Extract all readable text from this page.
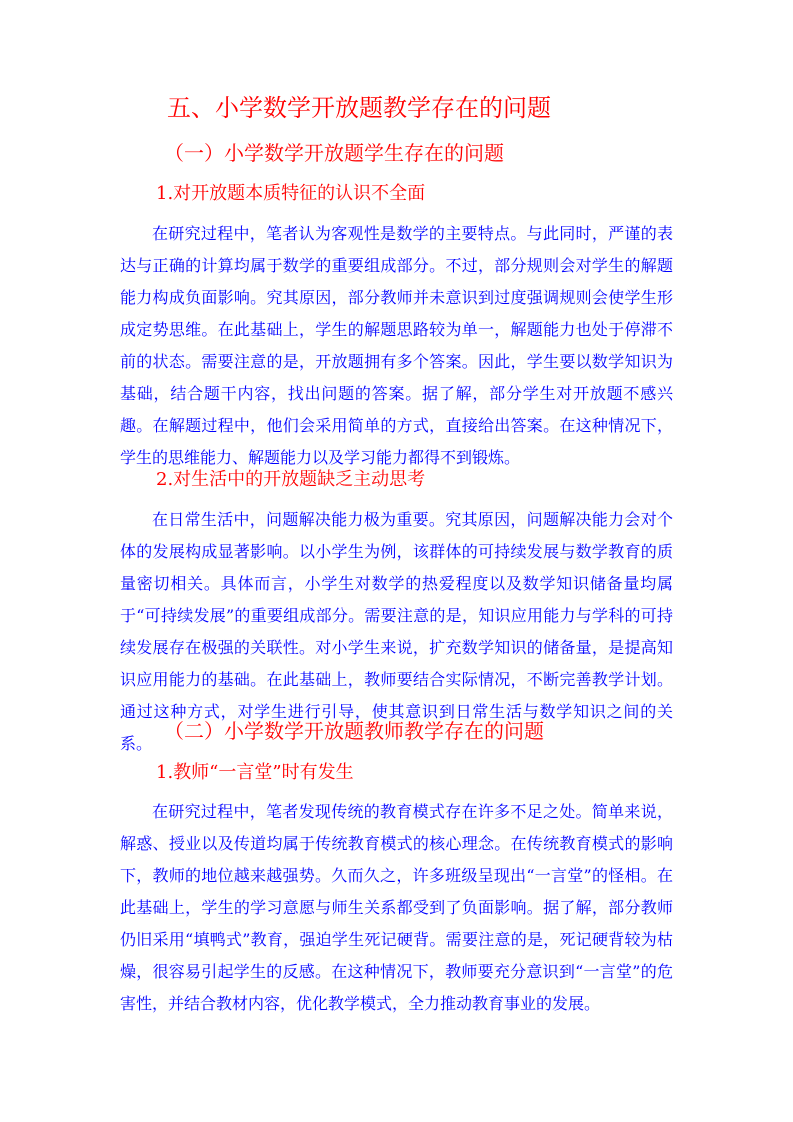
五、小学数学开放题教学存在的问题
（一）小学数学开放题学生存在的问题
1.对开放题本质特征的认识不全面

在研究过程中，笔者认为客观性是数学的主要特点。与此同时，严谨的表达与正确的计算均属于数学的重要组成部分。不过，部分规则会对学生的解题能力构成负面影响。究其原因，部分教师并未意识到过度强调规则会使学生形成定势思维。在此基础上，学生的解题思路较为单一，解题能力也处于停滞不前的状态。需要注意的是，开放题拥有多个答案。因此，学生要以数学知识为基础，结合题干内容，找出问题的答案。据了解，部分学生对开放题不感兴趣。在解题过程中，他们会采用简单的方式，直接给出答案。在这种情况下，学生的思维能力、解题能力以及学习能力都得不到锻炼。

2.对生活中的开放题缺乏主动思考

在日常生活中，问题解决能力极为重要。究其原因，问题解决能力会对个体的发展构成显著影响。以小学生为例，该群体的可持续发展与数学教育的质量密切相关。具体而言，小学生对数学的热爱程度以及数学知识储备量均属于“可持续发展”的重要组成部分。需要注意的是，知识应用能力与学科的可持续发展存在极强的关联性。对小学生来说，扩充数学知识的储备量，是提高知识应用能力的基础。在此基础上，教师要结合实际情况，不断完善教学计划。通过这种方式，对学生进行引导，使其意识到日常生活与数学知识之间的关系。

（二）小学数学开放题教师教学存在的问题
1.教师“一言堂”时有发生

在研究过程中，笔者发现传统的教育模式存在许多不足之处。简单来说，解惑、授业以及传道均属于传统教育模式的核心理念。在传统教育模式的影响下，教师的地位越来越强势。久而久之，许多班级呈现出“一言堂”的怪相。在此基础上，学生的学习意愿与师生关系都受到了负面影响。据了解，部分教师仍旧采用“填鸭式”教育，强迫学生死记硬背。需要注意的是，死记硬背较为枯燥，很容易引起学生的反感。在这种情况下，教师要充分意识到“一言堂”的危害性，并结合教材内容，优化教学模式，全力推动教育事业的发展。
